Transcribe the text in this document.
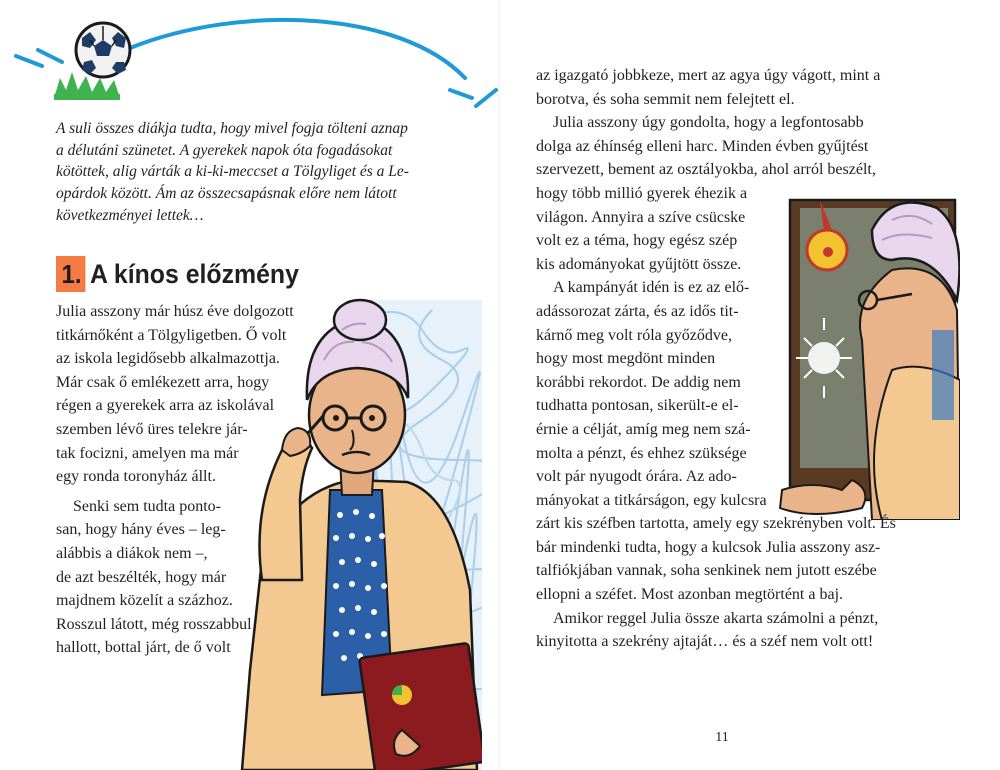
A suli összes diákja tudta, hogy mivel fogja tölteni aznap
a délutáni szünetet. A gyerekek napok óta fogadásokat
kötöttek, alig várták a ki-ki-meccset a Tölgyliget és a Le-
opárdok között. Ám az összecsapásnak előre nem látott
következményei lettek…

1. A kínos előzmény
Julia asszony már húsz éve dolgozott
titkárnőként a Tölgyligetben. Ő volt
az iskola legidősebb alkalmazottja.
Már csak ő emlékezett arra, hogy
régen a gyerekek arra az iskolával
szemben lévő üres telekre jár-
tak focizni, amelyen ma már
egy ronda toronyház állt.
Senki sem tudta ponto-
san, hogy hány éves – leg-
alábbis a diákok nem –,
de azt beszélték, hogy már
majdnem közelít a százhoz.
Rosszul látott, még rosszabbul
hallott, bottal járt, de ő volt
az igazgató jobbkeze, mert az agya úgy vágott, mint a
borotva, és soha semmit nem felejtett el.
Julia asszony úgy gondolta, hogy a legfontosabb
dolga az éhínség elleni harc. Minden évben gyűjtést
szervezett, bement az osztályokba, ahol arról beszélt,
hogy több millió gyerek éhezik a
világon. Annyira a szíve csücske
volt ez a téma, hogy egész szép
kis adományokat gyűjtött össze.
A kampányát idén is ez az elő-
adássorozat zárta, és az idős tit-
kárnő meg volt róla győződve,
hogy most megdönt minden
korábbi rekordot. De addig nem
tudhatta pontosan, sikerült-e el-
érnie a célját, amíg meg nem szá-
molta a pénzt, és ehhez szüksége
volt pár nyugodt órára. Az ado-
mányokat a titkárságon, egy kulcsra
zárt kis széfben tartotta, amely egy szekrényben volt. És
bár mindenki tudta, hogy a kulcsok Julia asszony asz-
talfiókjában vannak, soha senkinek nem jutott eszébe
ellopni a széfet. Most azonban megtörtént a baj.
Amikor reggel Julia össze akarta számolni a pénzt,
kinyitotta a szekrény ajtaját… és a széf nem volt ott!
11
